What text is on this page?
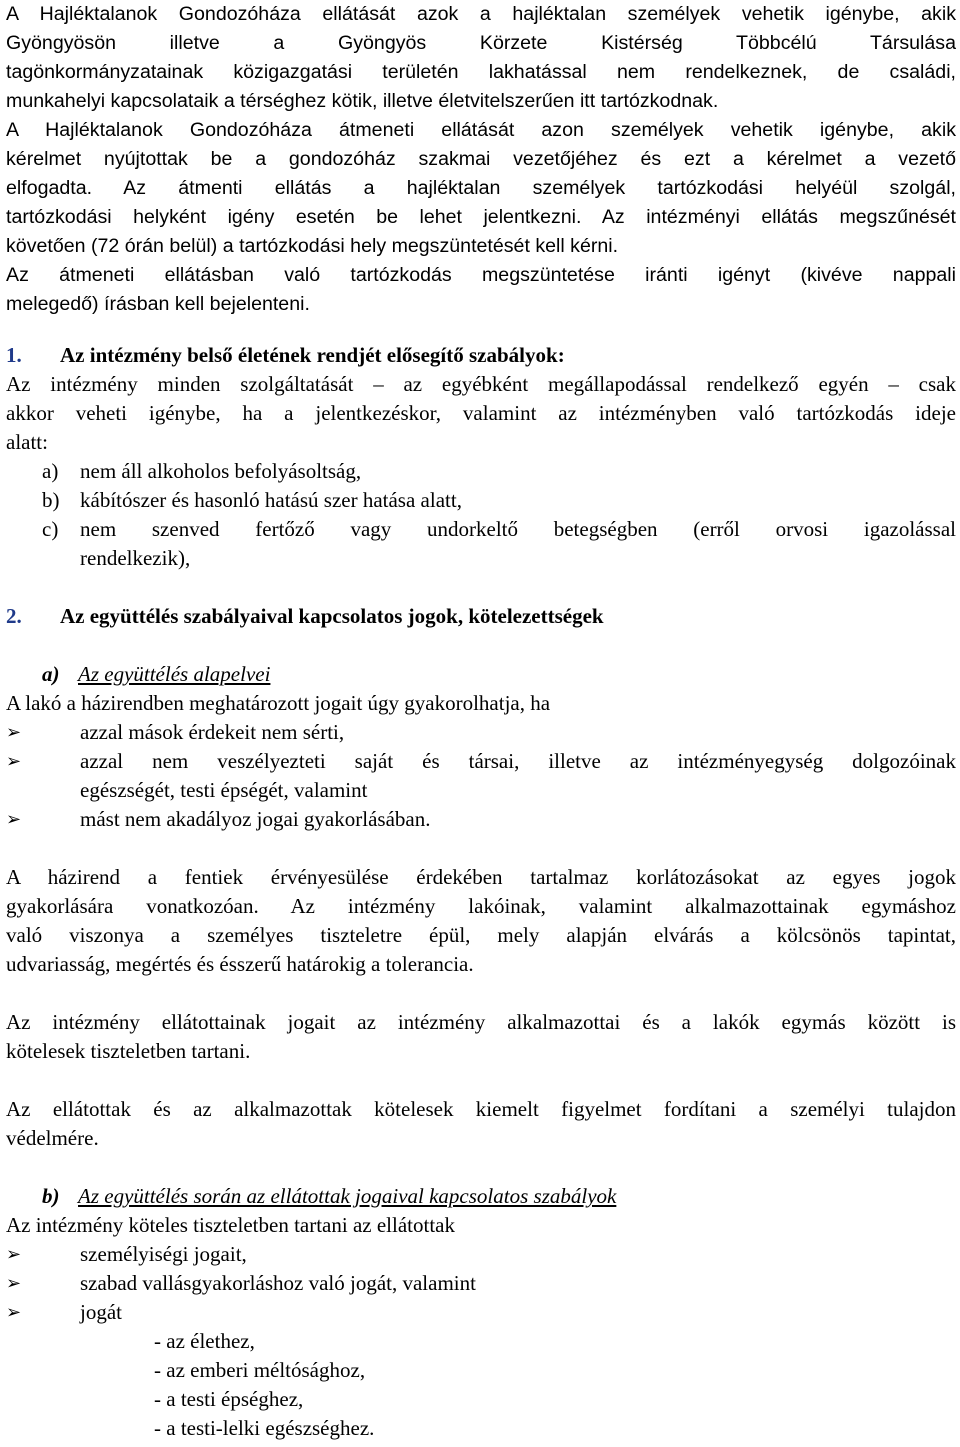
A Hajléktalanok Gondozóháza ellátását azok a hajléktalan személyek vehetik igénybe, akik
Gyöngyösön illetve a Gyöngyös Körzete Kistérség Többcélú Társulása
tagönkormányzatainak közigazgatási területén lakhatással nem rendelkeznek, de családi,
munkahelyi kapcsolataik a térséghez kötik, illetve életvitelszerűen itt tartózkodnak.
A Hajléktalanok Gondozóháza átmeneti ellátását azon személyek vehetik igénybe, akik
kérelmet nyújtottak be a gondozóház szakmai vezetőjéhez és ezt a kérelmet a vezető
elfogadta. Az átmenti ellátás a hajléktalan személyek tartózkodási helyéül szolgál,
tartózkodási helyként igény esetén be lehet jelentkezni. Az intézményi ellátás megszűnését
követően (72 órán belül) a tartózkodási hely megszüntetését kell kérni.
Az átmeneti ellátásban való tartózkodás megszüntetése iránti igényt (kivéve nappali
melegedő) írásban kell bejelenteni.
1. Az intézmény belső életének rendjét elősegítő szabályok:
Az intézmény minden szolgáltatását – az egyébként megállapodással rendelkező egyén – csak
akkor veheti igénybe, ha a jelentkezéskor, valamint az intézményben való tartózkodás ideje
alatt:
a)	nem áll alkoholos befolyásoltság,
b) kábítószer és hasonló hatású szer hatása alatt,
c)	nem szenved fertőző vagy undorkeltő betegségben (erről orvosi igazolással
rendelkezik),
2. Az együttélés szabályaival kapcsolatos jogok, kötelezettségek
a) Az együttélés alapelvei
A lakó a házirendben meghatározott jogait úgy gyakorolhatja, ha
➢	azzal mások érdekeit nem sérti,
➢	azzal nem veszélyezteti saját és társai, illetve az intézményegység dolgozóinak
egészségét, testi épségét, valamint
➢	mást nem akadályoz jogai gyakorlásában.
A házirend a fentiek érvényesülése érdekében tartalmaz korlátozásokat az egyes jogok
gyakorlására vonatkozóan. Az intézmény lakóinak, valamint alkalmazottainak egymáshoz
való viszonya a személyes tiszteletre épül, mely alapján elvárás a kölcsönös tapintat,
udvariasság, megértés és ésszerű határokig a tolerancia.
Az intézmény ellátottainak jogait az intézmény alkalmazottai és a lakók egymás között is
kötelesek tiszteletben tartani.
Az ellátottak és az alkalmazottak kötelesek kiemelt figyelmet fordítani a személyi tulajdon
védelmére.
b) Az együttélés során az ellátottak jogaival kapcsolatos szabályok
Az intézmény köteles tiszteletben tartani az ellátottak
➢	személyiségi jogait,
➢	szabad vallásgyakorláshoz való jogát, valamint
➢	jogát
- az élethez,
- az emberi méltósághoz,
- a testi épséghez,
- a testi-lelki egészséghez.
